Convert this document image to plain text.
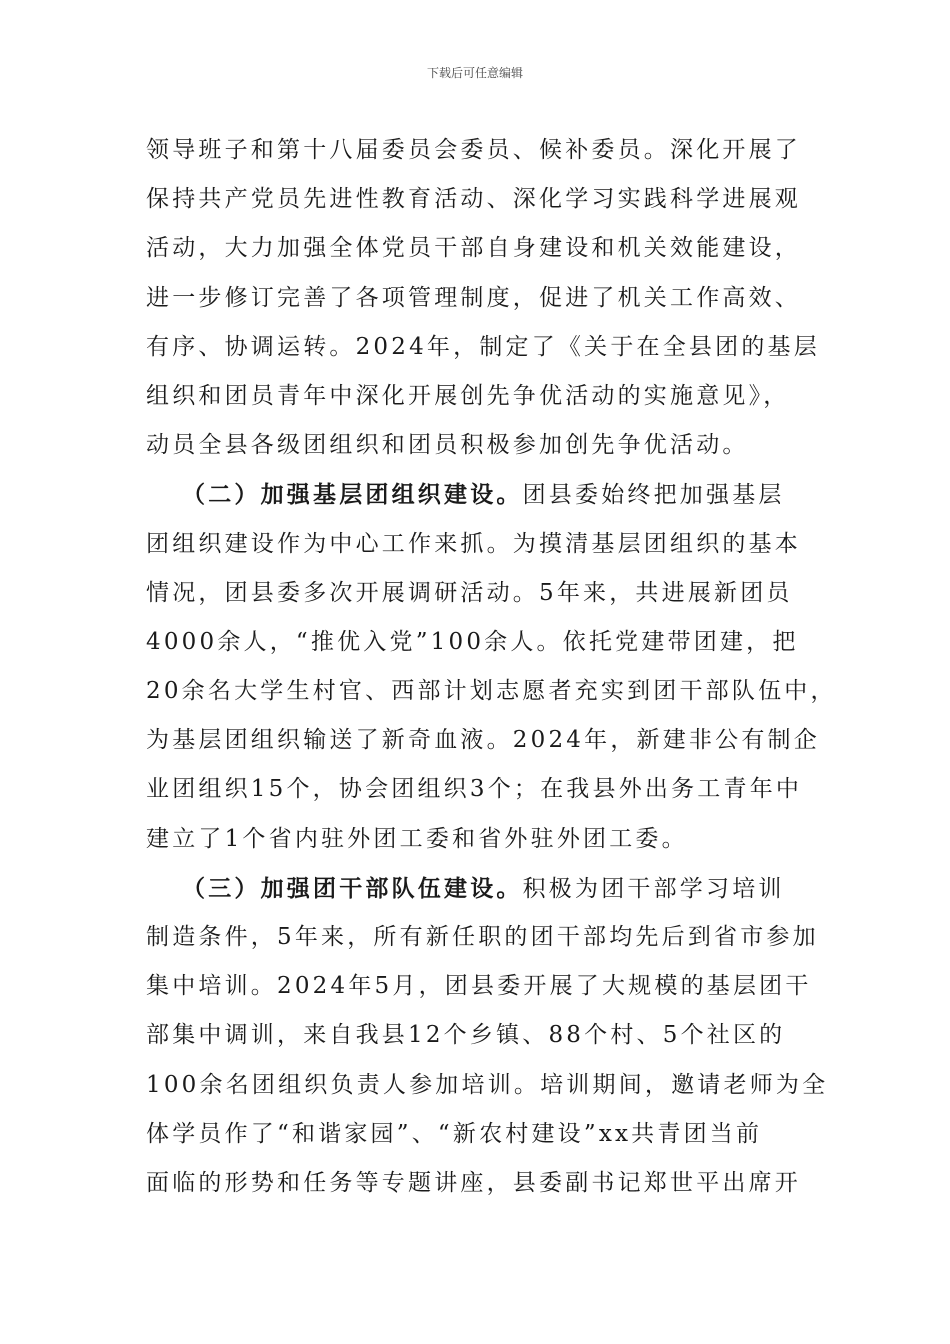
下载后可任意编辑
领导班子和第十八届委员会委员、候补委员。深化开展了
保持共产党员先进性教育活动、深化学习实践科学进展观
活动，大力加强全体党员干部自身建设和机关效能建设，
进一步修订完善了各项管理制度，促进了机关工作高效、
有序、协调运转。2024年，制定了《关于在全县团的基层
组织和团员青年中深化开展创先争优活动的实施意见》，
动员全县各级团组织和团员积极参加创先争优活动。
（二）加强基层团组织建设。团县委始终把加强基层
团组织建设作为中心工作来抓。为摸清基层团组织的基本
情况，团县委多次开展调研活动。5年来，共进展新团员
4000余人，“推优入党”100余人。依托党建带团建，把
20余名大学生村官、西部计划志愿者充实到团干部队伍中，
为基层团组织输送了新奇血液。2024年，新建非公有制企
业团组织15个，协会团组织3个；在我县外出务工青年中
建立了1个省内驻外团工委和省外驻外团工委。
（三）加强团干部队伍建设。积极为团干部学习培训
制造条件，5年来，所有新任职的团干部均先后到省市参加
集中培训。2024年5月，团县委开展了大规模的基层团干
部集中调训，来自我县12个乡镇、88个村、5个社区的
100余名团组织负责人参加培训。培训期间，邀请老师为全
体学员作了“和谐家园”、“新农村建设”xx共青团当前
面临的形势和任务等专题讲座，县委副书记郑世平出席开
